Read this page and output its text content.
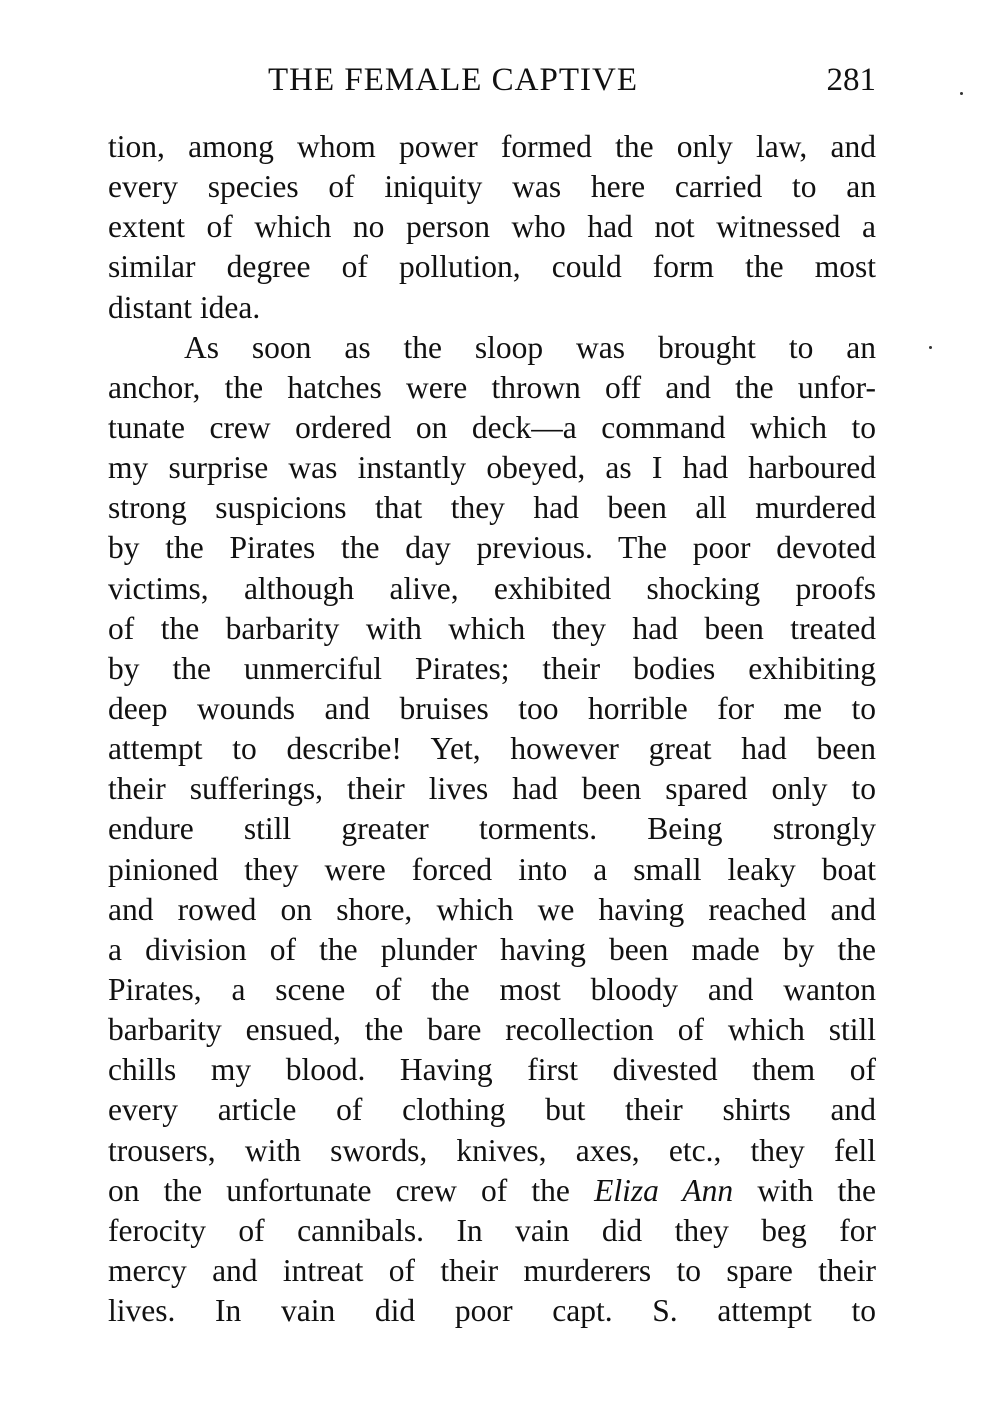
THE FEMALE CAPTIVE	281
tion, among whom power formed the only law, and
every species of iniquity was here carried to an
extent of which no person who had not witnessed a
similar degree of pollution, could form the most
distant idea.
As soon as the sloop was brought to an
anchor, the hatches were thrown off and the unfor-
tunate crew ordered on deck—a command which to
my surprise was instantly obeyed, as I had harboured
strong suspicions that they had been all murdered
by the Pirates the day previous. The poor devoted
victims, although alive, exhibited shocking proofs
of the barbarity with which they had been treated
by the unmerciful Pirates; their bodies exhibiting
deep wounds and bruises too horrible for me to
attempt to describe! Yet, however great had been
their sufferings, their lives had been spared only to
endure still greater torments. Being strongly
pinioned they were forced into a small leaky boat
and rowed on shore, which we having reached and
a division of the plunder having been made by the
Pirates, a scene of the most bloody and wanton
barbarity ensued, the bare recollection of which still
chills my blood. Having first divested them of
every article of clothing but their shirts and
trousers, with swords, knives, axes, etc., they fell
on the unfortunate crew of the Eliza Ann with the
ferocity of cannibals. In vain did they beg for
mercy and intreat of their murderers to spare their
lives. In vain did poor capt. S. attempt to
